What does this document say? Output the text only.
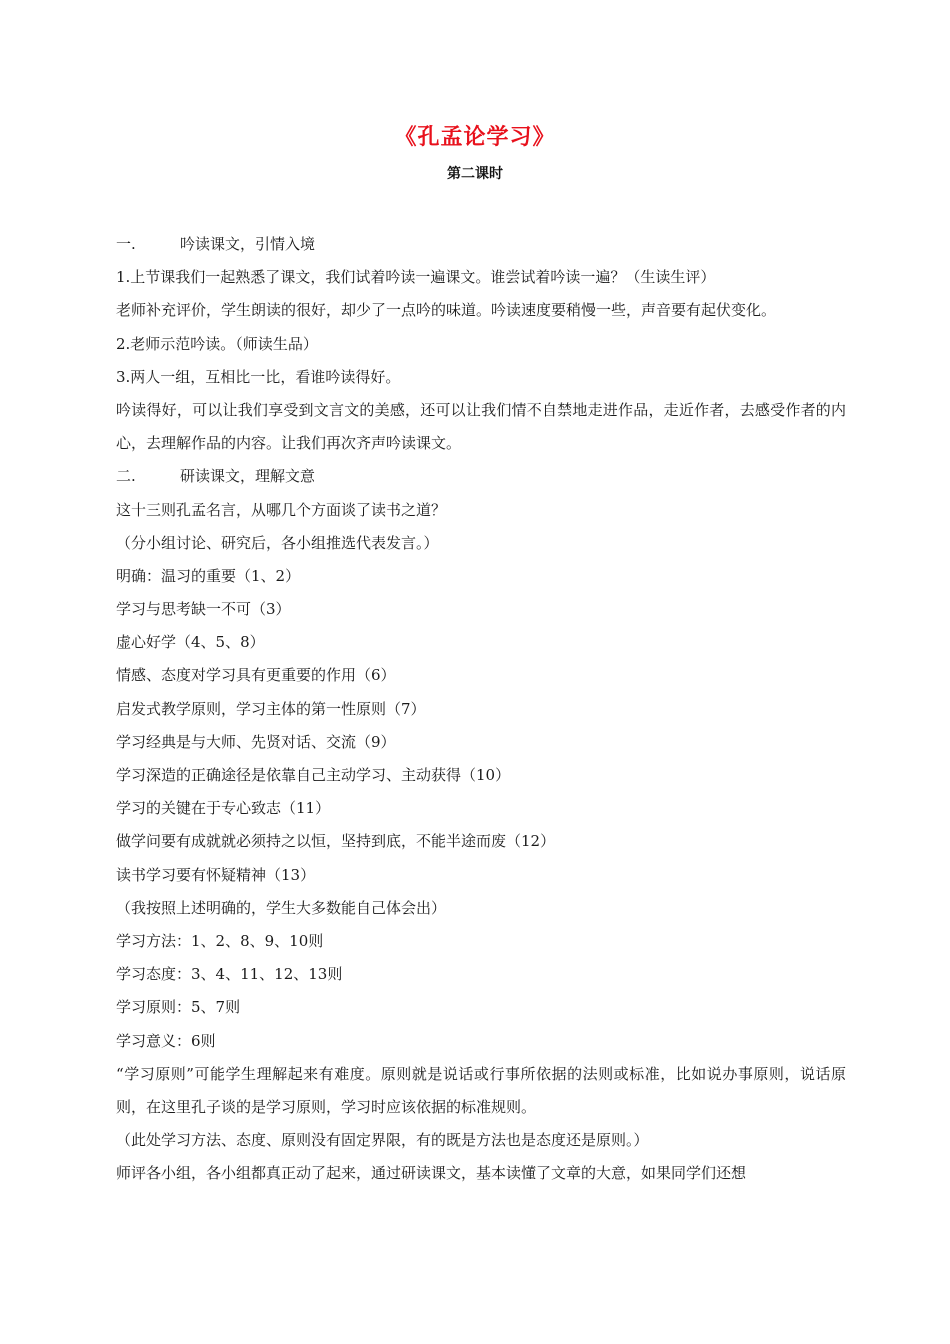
《孔孟论学习》
第二课时
一.	吟读课文，引情入境
1.上节课我们一起熟悉了课文，我们试着吟读一遍课文。谁尝试着吟读一遍？（生读生评）
老师补充评价，学生朗读的很好，却少了一点吟的味道。吟读速度要稍慢一些，声音要有起伏变化。
2.老师示范吟读。（师读生品）
3.两人一组，互相比一比，看谁吟读得好。
吟读得好，可以让我们享受到文言文的美感，还可以让我们情不自禁地走进作品，走近作者，去感受作者的内心，去理解作品的内容。让我们再次齐声吟读课文。
二.	研读课文，理解文意
这十三则孔孟名言，从哪几个方面谈了读书之道？
（分小组讨论、研究后，各小组推选代表发言。）
明确：温习的重要（1、2）
学习与思考缺一不可（3）
虚心好学（4、5、8）
情感、态度对学习具有更重要的作用（6）
启发式教学原则，学习主体的第一性原则（7）
学习经典是与大师、先贤对话、交流（9）
学习深造的正确途径是依靠自己主动学习、主动获得（10）
学习的关键在于专心致志（11）
做学问要有成就就必须持之以恒，坚持到底，不能半途而废（12）
读书学习要有怀疑精神（13）
（我按照上述明确的，学生大多数能自己体会出）
学习方法：1、2、8、9、10则
学习态度：3、4、11、12、13则
学习原则：5、7则
学习意义：6则
“学习原则”可能学生理解起来有难度。原则就是说话或行事所依据的法则或标准，比如说办事原则，说话原则，在这里孔子谈的是学习原则，学习时应该依据的标准规则。
（此处学习方法、态度、原则没有固定界限，有的既是方法也是态度还是原则。）
师评各小组，各小组都真正动了起来，通过研读课文，基本读懂了文章的大意，如果同学们还想
